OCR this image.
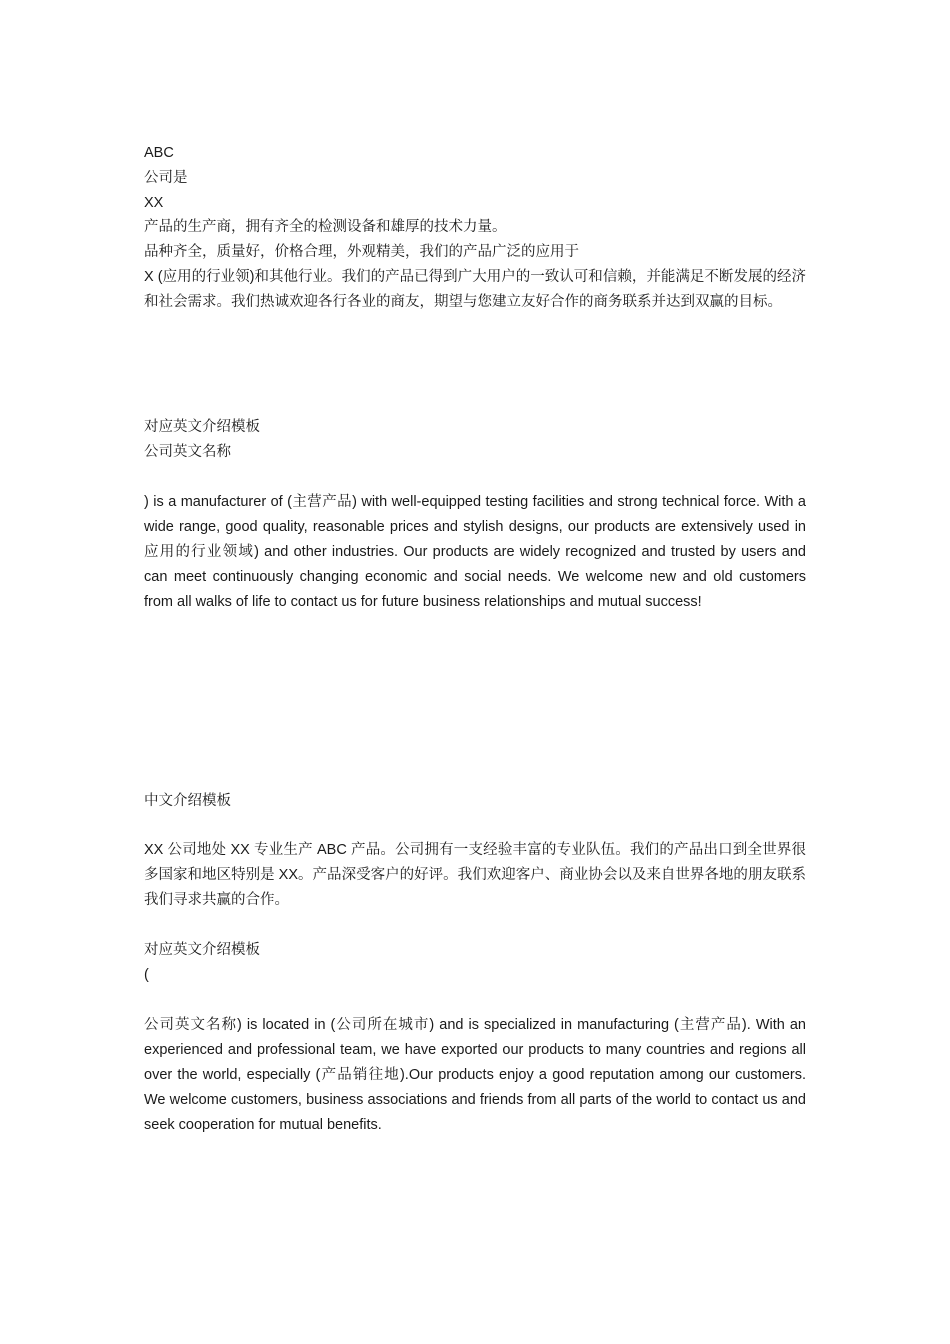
ABC
公司是
XX
产品的生产商，拥有齐全的检测设备和雄厚的技术力量。
品种齐全，质量好，价格合理，外观精美，我们的产品广泛的应用于
X (应用的行业领)和其他行业。我们的产品已得到广大用户的一致认可和信赖，并能满足不断发展的经济和社会需求。我们热诚欢迎各行各业的商友，期望与您建立友好合作的商务联系并达到双赢的目标。
对应英文介绍模板
公司英文名称
) is a manufacturer of (主营产品) with well-equipped testing facilities and strong technical force. With a wide range, good quality, reasonable prices and stylish designs, our products are extensively used in 应用的行业领域) and other industries. Our products are widely recognized and trusted by users and can meet continuously changing economic and social needs. We welcome new and old customers from all walks of life to contact us for future business relationships and mutual success!
中文介绍模板
XX 公司地处 XX 专业生产 ABC 产品。公司拥有一支经验丰富的专业队伍。我们的产品出口到全世界很多国家和地区特别是 XX。产品深受客户的好评。我们欢迎客户、商业协会以及来自世界各地的朋友联系我们寻求共赢的合作。
对应英文介绍模板
(
公司英文名称) is located in (公司所在城市) and is specialized in manufacturing (主营产品). With an experienced and professional team, we have exported our products to many countries and regions all over the world, especially (产品销往地).Our products enjoy a good reputation among our customers. We welcome customers, business associations and friends from all parts of the world to contact us and seek cooperation for mutual benefits.
